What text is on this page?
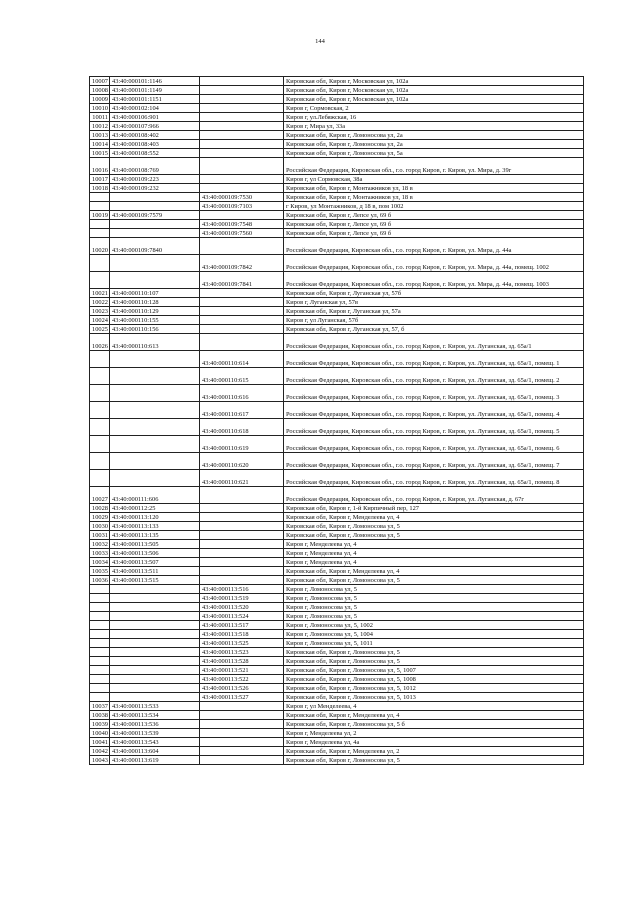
144
10007	43:40:000101:1146		Кировская обл, Киров г, Московская ул, 102а
10008	43:40:000101:1149		Кировская обл, Киров г, Московская ул, 102а
10009	43:40:000101:1151		Кировская обл, Киров г, Московская ул, 102а
10010	43:40:000102:104		Киров г, Сормовская, 2
10011	43:40:000106:901		Киров г, ул.Лебяжская, 16
10012	43:40:000107:966		Киров г, Мира ул, 33а
10013	43:40:000108:402		Кировская обл, Киров г, Ломоносова ул, 2а
10014	43:40:000108:403		Кировская обл, Киров г, Ломоносова ул, 2а
10015	43:40:000108:552		Кировская обл, Киров г, Ломоносова ул, 5а
10016	43:40:000108:769		Российская Федерация, Кировская обл., г.о. город Киров, г. Киров, ул. Мира, д. 39г
10017	43:40:000109:223		Киров г, ул Сормовская, 38а
10018	43:40:000109:232		Кировская обл, Киров г, Монтажников ул, 18 в
		43:40:000109:7530	Кировская обл, Киров г, Монтажников ул, 18 в
		43:40:000109:7103	г Киров, ул Монтажников, д 18 в, пом 1002
10019	43:40:000109:7579		Кировская обл, Киров г, Лепсе ул, 69 б
		43:40:000109:7548	Кировская обл, Киров г, Лепсе ул, 69 б
		43:40:000109:7560	Кировская обл, Киров г, Лепсе ул, 69 б
10020	43:40:000109:7840		Российская Федерация, Кировская обл., г.о. город Киров, г. Киров, ул. Мира, д. 44а
		43:40:000109:7842	Российская Федерация, Кировская обл., г.о. город Киров, г. Киров, ул. Мира, д. 44а, помещ. 1002
		43:40:000109:7841	Российская Федерация, Кировская обл., г.о. город Киров, г. Киров, ул. Мира, д. 44а, помещ. 1003
10021	43:40:000110:107		Кировская обл, Киров г, Луганская ул, 57б
10022	43:40:000110:128		Киров г, Луганская ул, 57в
10023	43:40:000110:129		Кировская обл, Киров г, Луганская ул, 57а
10024	43:40:000110:155		Киров г, ул Луганская, 57б
10025	43:40:000110:156		Кировская обл, Киров г, Луганская ул, 57, б
10026	43:40:000110:613		Российская Федерация, Кировская обл., г.о. город Киров, г. Киров, ул. Луганская, зд. 65а/1
		43:40:000110:614	Российская Федерация, Кировская обл., г.о. город Киров, г. Киров, ул. Луганская, зд. 65а/1, помещ. 1
		43:40:000110:615	Российская Федерация, Кировская обл., г.о. город Киров, г. Киров, ул. Луганская, зд. 65а/1, помещ. 2
		43:40:000110:616	Российская Федерация, Кировская обл., г.о. город Киров, г. Киров, ул. Луганская, зд. 65а/1, помещ. 3
		43:40:000110:617	Российская Федерация, Кировская обл., г.о. город Киров, г. Киров, ул. Луганская, зд. 65а/1, помещ. 4
		43:40:000110:618	Российская Федерация, Кировская обл., г.о. город Киров, г. Киров, ул. Луганская, зд. 65а/1, помещ. 5
		43:40:000110:619	Российская Федерация, Кировская обл., г.о. город Киров, г. Киров, ул. Луганская, зд. 65а/1, помещ. 6
		43:40:000110:620	Российская Федерация, Кировская обл., г.о. город Киров, г. Киров, ул. Луганская, зд. 65а/1, помещ. 7
		43:40:000110:621	Российская Федерация, Кировская обл., г.о. город Киров, г. Киров, ул. Луганская, зд. 65а/1, помещ. 8
10027	43:40:000111:606		Российская Федерация, Кировская обл., г.о. город Киров, г. Киров, ул. Луганская, д. 67г
10028	43:40:000112:25		Кировская обл, Киров г, 1-й Кирпичный пер, 127
10029	43:40:000113:120		Кировская обл, Киров г, Менделеева ул, 4
10030	43:40:000113:133		Кировская обл, Киров г, Ломоносова ул, 5
10031	43:40:000113:135		Кировская обл, Киров г, Ломоносова ул, 5
10032	43:40:000113:505		Киров г, Менделеева ул, 4
10033	43:40:000113:506		Киров г, Менделеева ул, 4
10034	43:40:000113:507		Киров г, Менделеева ул, 4
10035	43:40:000113:511		Кировская обл, Киров г, Менделеева ул, 4
10036	43:40:000113:515		Кировская обл, Киров г, Ломоносова ул, 5
		43:40:000113:516	Киров г, Ломоносова ул, 5
		43:40:000113:519	Киров г, Ломоносова ул, 5
		43:40:000113:520	Киров г, Ломоносова ул, 5
		43:40:000113:524	Киров г, Ломоносова ул, 5
		43:40:000113:517	Киров г, Ломоносова ул, 5, 1002
		43:40:000113:518	Киров г, Ломоносова ул, 5, 1004
		43:40:000113:525	Киров г, Ломоносова ул, 5, 1011
		43:40:000113:523	Кировская обл, Киров г, Ломоносова ул, 5
		43:40:000113:528	Кировская обл, Киров г, Ломоносова ул, 5
		43:40:000113:521	Кировская обл, Киров г, Ломоносова ул, 5, 1007
		43:40:000113:522	Кировская обл, Киров г, Ломоносова ул, 5, 1008
		43:40:000113:526	Кировская обл, Киров г, Ломоносова ул, 5, 1012
		43:40:000113:527	Кировская обл, Киров г, Ломоносова ул, 5, 1013
10037	43:40:000113:533		Киров г, ул Менделеева, 4
10038	43:40:000113:534		Кировская обл, Киров г, Менделеева ул, 4
10039	43:40:000113:536		Кировская обл, Киров г, Ломоносова ул, 5 б
10040	43:40:000113:539		Киров г, Менделеева ул, 2
10041	43:40:000113:543		Киров г, Менделеева ул, 4а
10042	43:40:000113:604		Кировская обл, Киров г, Менделеева ул, 2
10043	43:40:000113:619		Кировская обл, Киров г, Ломоносова ул, 5
